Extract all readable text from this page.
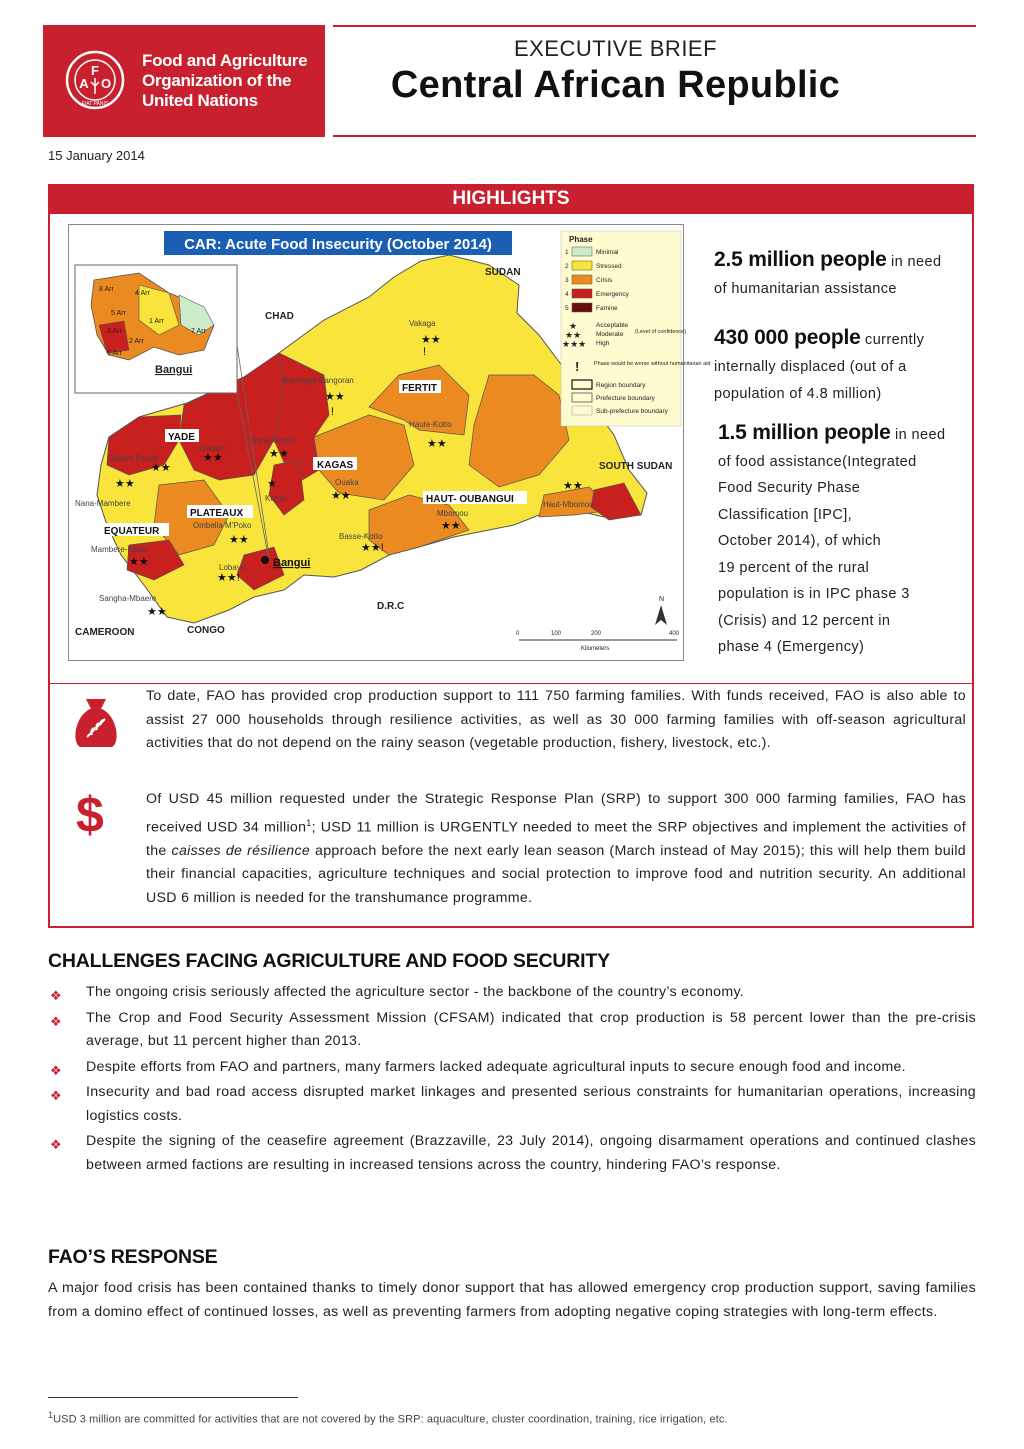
F
A O
FIAT PANIS
Food and Agriculture
Organization of the
United Nations
EXECUTIVE BRIEF
Central African Republic
15 January 2014
HIGHLIGHTS
8 Arr
4 Arr
5 Arr
3 Arr
1 Arr
2 Arr
6 Arr
7 Arr
Bangui
CAR: Acute Food Insecurity (October 2014)
SUDAN
CHAD
SOUTH SUDAN
D.R.C
CONGO
CAMEROON
FERTIT
KAGAS
YADE
PLATEAUX
EQUATEUR
HAUT- OUBANGUI
Vakaga
Bamingui-Bangoran
Haute-Kotto
Ouham
Ouham Pende
Nana-Gribizi
Kemo
Ouaka
Nana-Mambere
Ombella M'Poko
Mambere-Kadei
Lobaye
Sangha-Mbaere
Basse-Kotto
Mbomou
Haut-Mbomou
Bangui
★★
!
★★
!
★★
★★
★★
★★
★★	★
★★
★★
★★
★★!
★★!
★★
★★
★★
Phase
1	Minimal
2	Stressed
3	Crisis
4	Emergency
5	Famine
★	Acceptable
★★ Moderate
★★★ High
(Level of confidence)
!	Phase would be worse without humanitarian aid
Region boundary
Prefecture boundary
Sub-prefecture boundary
N
0	100	200	400
Kilometers
2.5 million people in need
of humanitarian assistance
430 000 people currently
internally displaced (out of a
population of 4.8 million)
1.5 million people in need
of food assistance(Integrated
Food Security Phase
Classification [IPC],
October 2014), of which
19 percent of the rural
population is in IPC phase 3
(Crisis) and 12 percent in
phase 4 (Emergency)
To date, FAO has provided crop production support to 111 750 farming families. With funds received, FAO is also able to assist 27 000 households through resilience activities, as well as 30 000 farming families with off-season agricultural activities that do not depend on the rainy season (vegetable production, fishery, livestock, etc.).
$	Of USD 45 million requested under the Strategic Response Plan (SRP) to support 300 000 farming families, FAO has received USD 34 million$^1$; USD 11 million is URGENTLY needed to meet the SRP objectives and implement the activities of the caisses de résilience approach before the next early lean season (March instead of May 2015); this will help them build their financial capacities, agriculture techniques and social protection to improve food and nutrition security. An additional USD 6 million is needed for the transhumance programme.
CHALLENGES FACING AGRICULTURE AND FOOD SECURITY
❖ The ongoing crisis seriously affected the agriculture sector - the backbone of the country’s economy.
❖ The Crop and Food Security Assessment Mission (CFSAM) indicated that crop production is 58 percent lower than the pre-crisis average, but 11 percent higher than 2013.
❖ Despite efforts from FAO and partners, many farmers lacked adequate agricultural inputs to secure enough food and income.
❖ Insecurity and bad road access disrupted market linkages and presented serious constraints for humanitarian operations, increasing logistics costs.
❖ Despite the signing of the ceasefire agreement (Brazzaville, 23 July 2014), ongoing disarmament operations and continued clashes between armed factions are resulting in increased tensions across the country, hindering FAO’s response.
FAO’S RESPONSE
A major food crisis has been contained thanks to timely donor support that has allowed emergency crop production support, saving families from a domino effect of continued losses, as well as preventing farmers from adopting negative coping strategies with long-term effects.
$^1$USD 3 million are committed for activities that are not covered by the SRP: aquaculture, cluster coordination, training, rice irrigation, etc.
